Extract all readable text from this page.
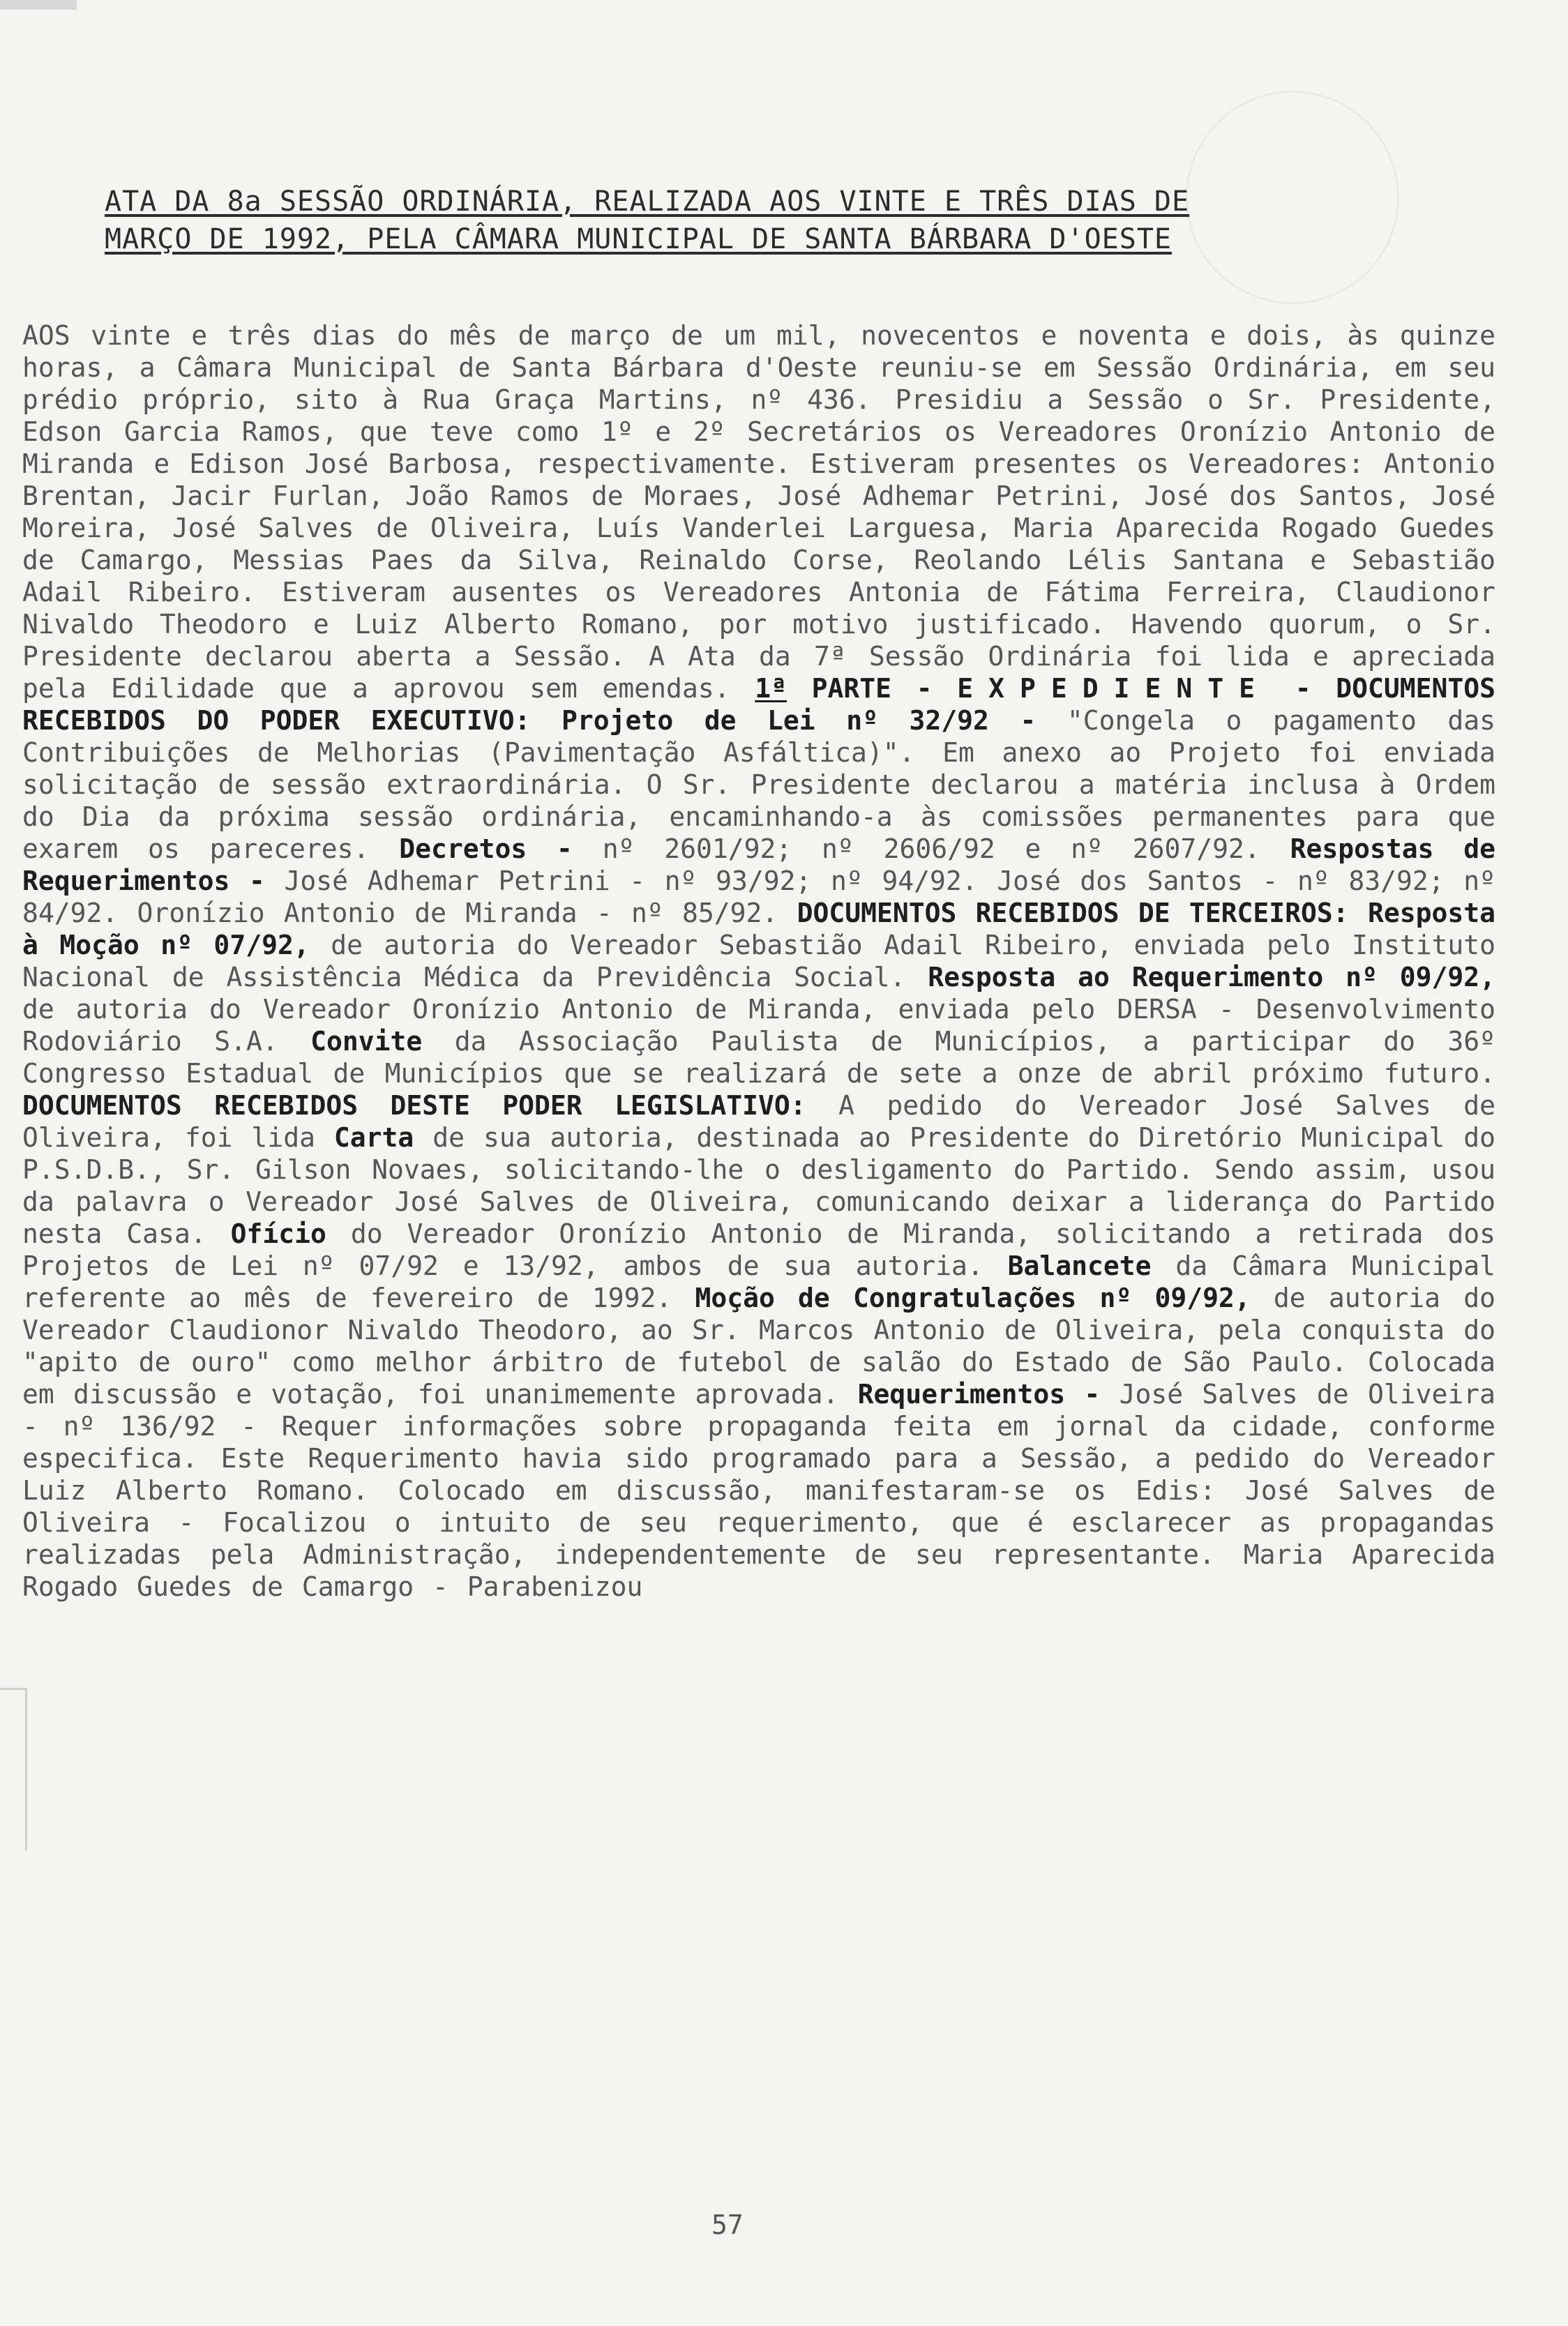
ATA DA 8a SESSÃO ORDINÁRIA, REALIZADA AOS VINTE E TRÊS DIAS DE
MARÇO DE 1992, PELA CÂMARA MUNICIPAL DE SANTA BÁRBARA D'OESTE
AOS vinte e três dias do mês de março de um mil, novecentos e noventa e dois, às quinze horas, a Câmara Municipal de Santa Bárbara d'Oeste reuniu-se em Sessão Ordinária, em seu prédio próprio, sito à Rua Graça Martins, nº 436. Presidiu a Sessão o Sr. Presidente, Edson Garcia Ramos, que teve como 1º e 2º Secretários os Vereadores Oronízio Antonio de Miranda e Edison José Barbosa, respectivamente. Estiveram presentes os Vereadores: Antonio Brentan, Jacir Furlan, João Ramos de Moraes, José Adhemar Petrini, José dos Santos, José Moreira, José Salves de Oliveira, Luís Vanderlei Larguesa, Maria Aparecida Rogado Guedes de Camargo, Messias Paes da Silva, Reinaldo Corse, Reolando Lélis Santana e Sebastião Adail Ribeiro. Estiveram ausentes os Vereadores Antonia de Fátima Ferreira, Claudionor Nivaldo Theodoro e Luiz Alberto Romano, por motivo justificado. Havendo quorum, o Sr. Presidente declarou aberta a Sessão. A Ata da 7ª Sessão Ordinária foi lida e apreciada pela Edilidade que a aprovou sem emendas. 1ª PARTE - EXPEDIENTE - DOCUMENTOS RECEBIDOS DO PODER EXECUTIVO: Projeto de Lei nº 32/92 - "Congela o pagamento das Contribuições de Melhorias (Pavimentação Asfáltica)". Em anexo ao Projeto foi enviada solicitação de sessão extraordinária. O Sr. Presidente declarou a matéria inclusa à Ordem do Dia da próxima sessão ordinária, encaminhando-a às comissões permanentes para que exarem os pareceres. Decretos - nº 2601/92; nº 2606/92 e nº 2607/92. Respostas de Requerimentos - José Adhemar Petrini - nº 93/92; nº 94/92. José dos Santos - nº 83/92; nº 84/92. Oronízio Antonio de Miranda - nº 85/92. DOCUMENTOS RECEBIDOS DE TERCEIROS: Resposta à Moção nº 07/92, de autoria do Vereador Sebastião Adail Ribeiro, enviada pelo Instituto Nacional de Assistência Médica da Previdência Social. Resposta ao Requerimento nº 09/92, de autoria do Vereador Oronízio Antonio de Miranda, enviada pelo DERSA - Desenvolvimento Rodoviário S.A. Convite da Associação Paulista de Municípios, a participar do 36º Congresso Estadual de Municípios que se realizará de sete a onze de abril próximo futuro. DOCUMENTOS RECEBIDOS DESTE PODER LEGISLATIVO: A pedido do Vereador José Salves de Oliveira, foi lida Carta de sua autoria, destinada ao Presidente do Diretório Municipal do P.S.D.B., Sr. Gilson Novaes, solicitando-lhe o desligamento do Partido. Sendo assim, usou da palavra o Vereador José Salves de Oliveira, comunicando deixar a liderança do Partido nesta Casa. Ofício do Vereador Oronízio Antonio de Miranda, solicitando a retirada dos Projetos de Lei nº 07/92 e 13/92, ambos de sua autoria. Balancete da Câmara Municipal referente ao mês de fevereiro de 1992. Moção de Congratulações nº 09/92, de autoria do Vereador Claudionor Nivaldo Theodoro, ao Sr. Marcos Antonio de Oliveira, pela conquista do "apito de ouro" como melhor árbitro de futebol de salão do Estado de São Paulo. Colocada em discussão e votação, foi unanimemente aprovada. Requerimentos - José Salves de Oliveira - nº 136/92 - Requer informações sobre propaganda feita em jornal da cidade, conforme especifica. Este Requerimento havia sido programado para a Sessão, a pedido do Vereador Luiz Alberto Romano. Colocado em discussão, manifestaram-se os Edis: José Salves de Oliveira - Focalizou o intuito de seu requerimento, que é esclarecer as propagandas realizadas pela Administração, independentemente de seu representante. Maria Aparecida Rogado Guedes de Camargo - Parabenizou
57
